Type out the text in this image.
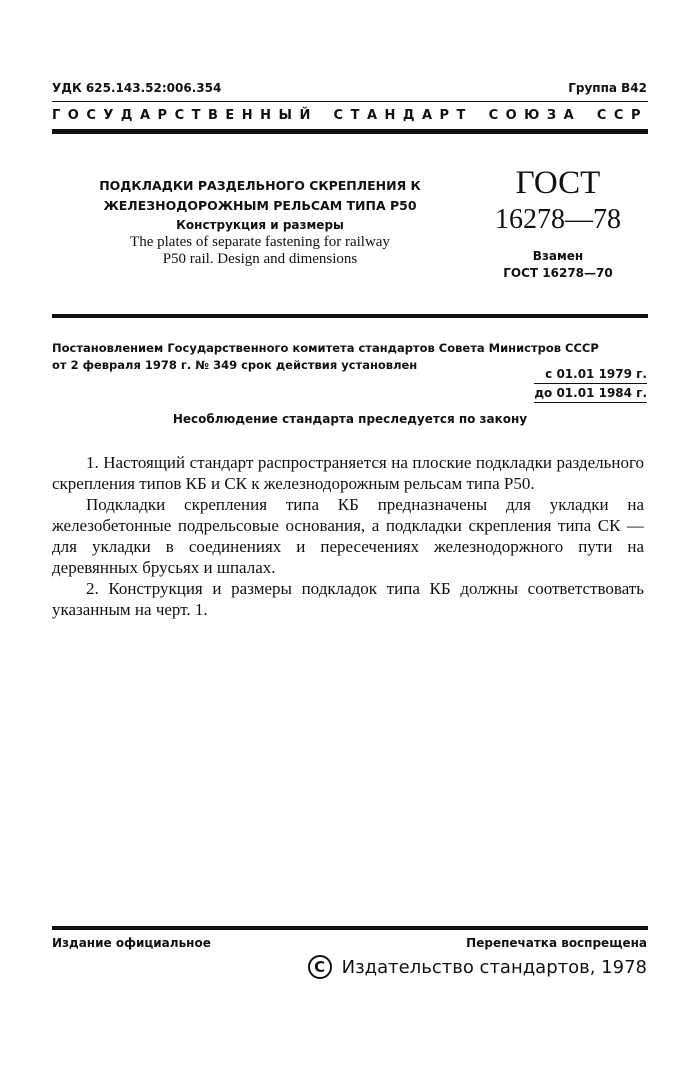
УДК 625.143.52:006.354	Группа В42
ГОСУДАРСТВЕННЫЙ СТАНДАРТ СОЮЗА ССР
ПОДКЛАДКИ РАЗДЕЛЬНОГО СКРЕПЛЕНИЯ К
ЖЕЛЕЗНОДОРОЖНЫМ РЕЛЬСАМ ТИПА Р50
Конструкция и размеры
The plates of separate fastening for railway
P50 rail. Design and dimensions
ГОСТ
16278—78
Взамен
ГОСТ 16278—70
Постановлением Государственного комитета стандартов Совета Министров СССР
от 2 февраля 1978 г. № 349 срок действия установлен
с 01.01 1979 г.
до 01.01 1984 г.
Несоблюдение стандарта преследуется по закону

1. Настоящий стандарт распространяется на плоские подкладки раздельного скрепления типов КБ и СК к железнодорожным рельсам типа Р50.

Подкладки скрепления типа КБ предназначены для укладки на железобетонные подрельсовые основания, а подкладки скрепления типа СК — для укладки в соединениях и пересечениях железнодоржного пути на деревянных брусьях и шпалах.

2. Конструкция и размеры подкладок типа КБ должны соответствовать указанным на черт. 1.

Издание официальное	Перепечатка воспрещена
C Издательство стандартов, 1978
